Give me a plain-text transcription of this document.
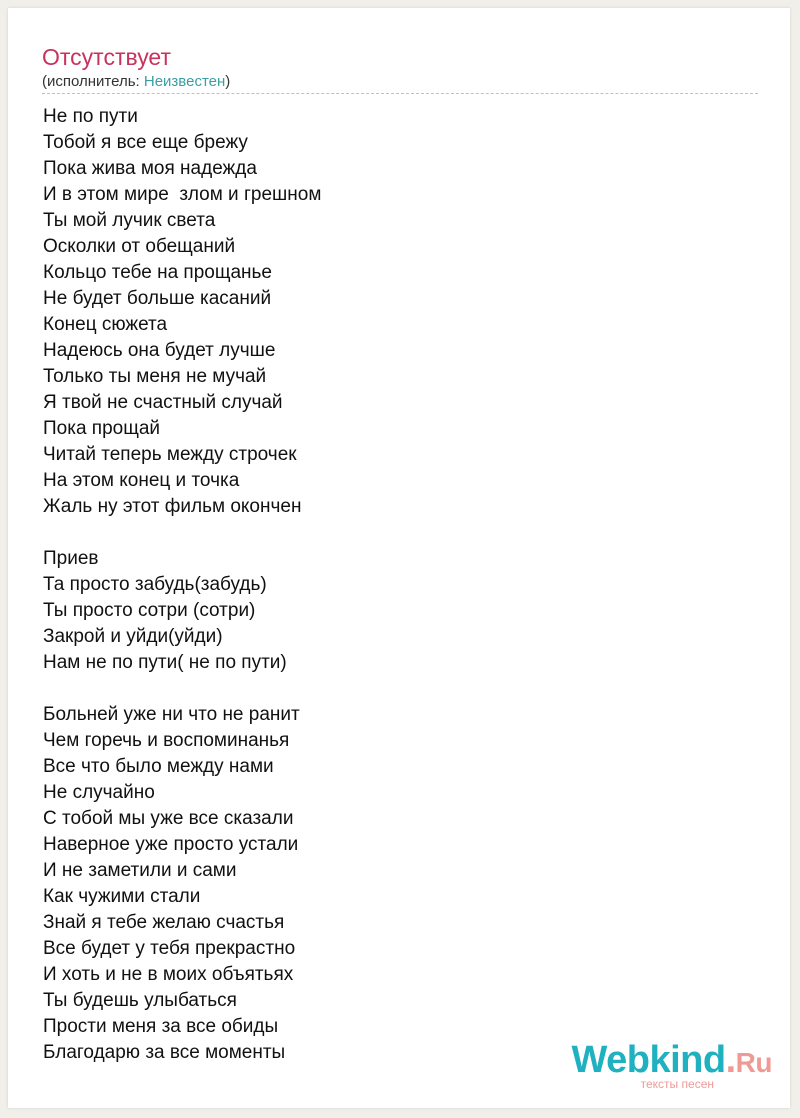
Отсутствует
(исполнитель: Неизвестен)
Не по пути
Тобой я все еще брежу
Пока жива моя надежда
И в этом мире  злом и грешном
Ты мой лучик света
Осколки от обещаний
Кольцо тебе на прощанье
Не будет больше касаний
Конец сюжета
Надеюсь она будет лучше
Только ты меня не мучай
Я твой не счастный случай
Пока прощай
Читай теперь между строчек
На этом конец и точка
Жаль ну этот фильм окончен
Приев
Та просто забудь(забудь)
Ты просто сотри (сотри)
Закрой и уйди(уйди)
Нам не по пути( не по пути)
Больней уже ни что не ранит
Чем горечь и воспоминанья
Все что было между нами
Не случайно
С тобой мы уже все сказали
Наверное уже просто устали
И не заметили и сами
Как чужими стали
Знай я тебе желаю счастья
Все будет у тебя прекрастно
И хоть и не в моих объятьях
Ты будешь улыбаться
Прости меня за все обиды
Благодарю за все моменты	Webkind.Ru
тексты песен
